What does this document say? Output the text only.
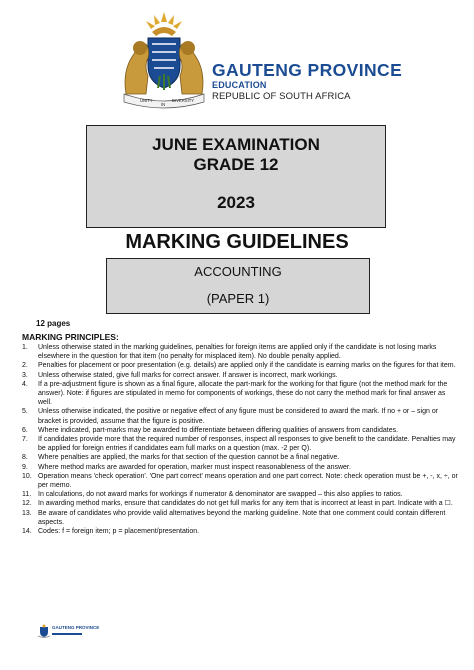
UNITY
IN
DIVERSITY
GAUTENG PROVINCE
EDUCATION
REPUBLIC OF SOUTH AFRICA
JUNE EXAMINATION
GRADE 12
2023
MARKING GUIDELINES
ACCOUNTING
(PAPER 1)
12 pages
MARKING PRINCIPLES:
1.	Unless otherwise stated in the marking guidelines, penalties for foreign items are applied only if the candidate is not losing marks elsewhere in the question for that item (no penalty for misplaced item). No double penalty applied.
2.	Penalties for placement or poor presentation (e.g. details) are applied only if the candidate is earning marks on the figures for that item.
3.	Unless otherwise stated, give full marks for correct answer. If answer is incorrect, mark workings.
4.	If a pre-adjustment figure is shown as a final figure, allocate the part-mark for the working for that figure (not the method mark for the answer). Note: if figures are stipulated in memo for components of workings, these do not carry the method mark for final answer as well.
5.	Unless otherwise indicated, the positive or negative effect of any figure must be considered to award the mark. If no + or – sign or bracket is provided, assume that the figure is positive.
6.	Where indicated, part-marks may be awarded to differentiate between differing qualities of answers from candidates.
7.	If candidates provide more that the required number of responses, inspect all responses to give benefit to the candidate. Penalties may be applied for foreign entries if candidates earn full marks on a question (max. -2 per Q).
8.	Where penalties are applied, the marks for that section of the question cannot be a final negative.
9.	Where method marks are awarded for operation, marker must inspect reasonableness of the answer.
10. Operation means 'check operation'. 'One part correct' means operation and one part correct. Note: check operation must be +, -, x, ÷, or per memo.
11. In calculations, do not award marks for workings if numerator & denominator are swapped – this also applies to ratios.
12. In awarding method marks, ensure that candidates do not get full marks for any item that is incorrect at least in part. Indicate with a ☐.
13. Be aware of candidates who provide valid alternatives beyond the marking guideline. Note that one comment could contain different aspects.
14. Codes: f = foreign item; p = placement/presentation.
GAUTENG PROVINCE
